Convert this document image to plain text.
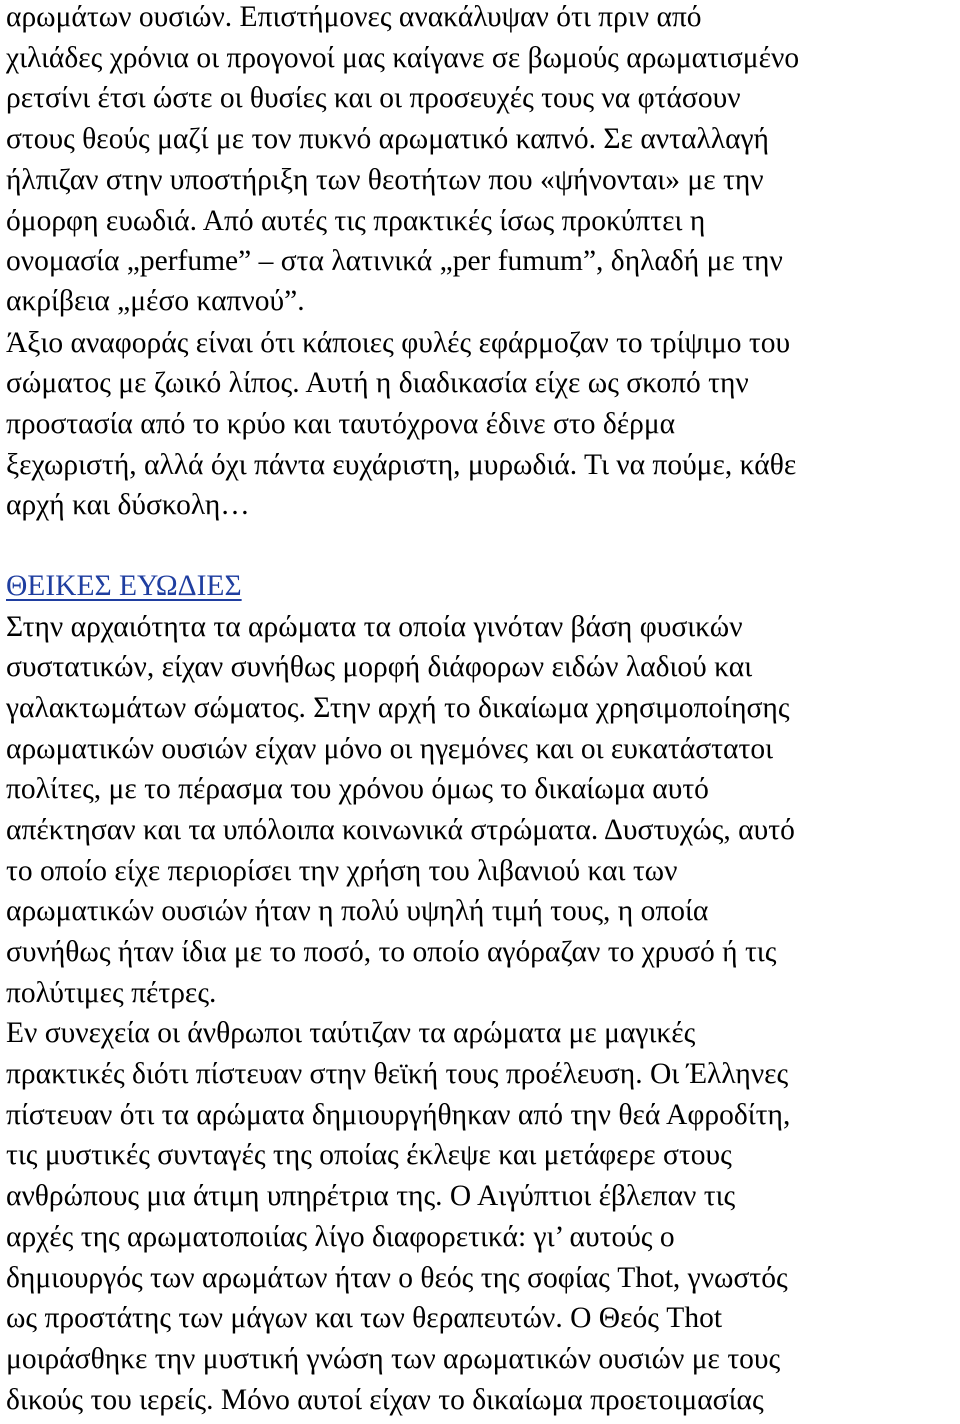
αρωμάτων ουσιών. Επιστήμονες ανακάλυψαν ότι πριν από
χιλιάδες χρόνια οι προγονοί μας καίγανε σε βωμούς αρωματισμένο
ρετσίνι έτσι ώστε οι θυσίες και οι προσευχές τους να φτάσουν
στους θεούς μαζί με τον πυκνό αρωματικό καπνό. Σε ανταλλαγή
ήλπιζαν στην υποστήριξη των θεοτήτων που «ψήνονται» με την
όμορφη ευωδιά. Από αυτές τις πρακτικές ίσως προκύπτει η
ονομασία „perfume” – στα λατινικά „per fumum”, δηλαδή με την
ακρίβεια „μέσο καπνού”.
Άξιο αναφοράς είναι ότι κάποιες φυλές εφάρμοζαν το τρίψιμο του
σώματος με ζωικό λίπος. Αυτή η διαδικασία είχε ως σκοπό την
προστασία από το κρύο και ταυτόχρονα έδινε στο δέρμα
ξεχωριστή, αλλά όχι πάντα ευχάριστη, μυρωδιά. Τι να πούμε, κάθε
αρχή και δύσκολη…
ΘΕΙΚΕΣ ΕΥΩΔΙΕΣ
Στην αρχαιότητα τα αρώματα τα οποία γινόταν βάση φυσικών
συστατικών, είχαν συνήθως μορφή διάφορων ειδών λαδιού και
γαλακτωμάτων σώματος. Στην αρχή το δικαίωμα χρησιμοποίησης
αρωματικών ουσιών είχαν μόνο οι ηγεμόνες και οι ευκατάστατοι
πολίτες, με το πέρασμα του χρόνου όμως το δικαίωμα αυτό
απέκτησαν και τα υπόλοιπα κοινωνικά στρώματα. Δυστυχώς, αυτό
το οποίο είχε περιορίσει την χρήση του λιβανιού και των
αρωματικών ουσιών ήταν η πολύ υψηλή τιμή τους, η οποία
συνήθως ήταν ίδια με το ποσό, το οποίο αγόραζαν το χρυσό ή τις
πολύτιμες πέτρες.
Εν συνεχεία οι άνθρωποι ταύτιζαν τα αρώματα με μαγικές
πρακτικές διότι πίστευαν στην θεϊκή τους προέλευση. Οι Έλληνες
πίστευαν ότι τα αρώματα δημιουργήθηκαν από την θεά Αφροδίτη,
τις μυστικές συνταγές της οποίας έκλεψε και μετάφερε στους
ανθρώπους μια άτιμη υπηρέτρια της. Ο Αιγύπτιοι έβλεπαν τις
αρχές της αρωματοποιίας λίγο διαφορετικά: γι’ αυτούς ο
δημιουργός των αρωμάτων ήταν ο θεός της σοφίας Thot, γνωστός
ως προστάτης των μάγων και των θεραπευτών. Ο Θεός Thot
μοιράσθηκε την μυστική γνώση των αρωματικών ουσιών με τους
δικούς του ιερείς. Μόνο αυτοί είχαν το δικαίωμα προετοιμασίας
